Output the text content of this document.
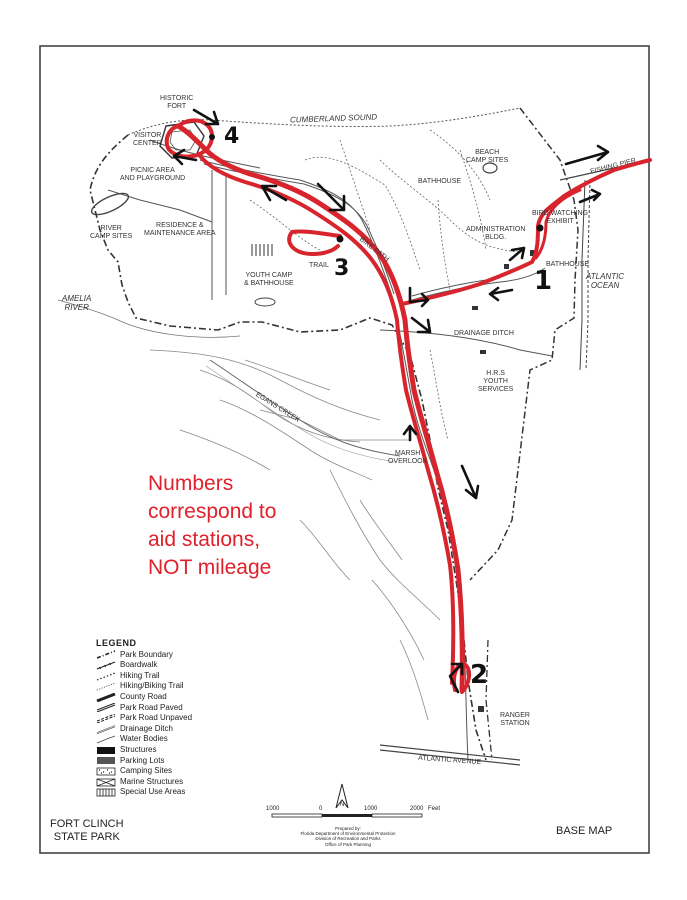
HISTORIC
FORT
VISITOR
CENTER
PICNIC AREA
AND PLAYGROUND
CUMBERLAND SOUND
BEACH
CAMP SITES
BATHHOUSE
FISHING PIER
BIRD WATCHING
EXHIBIT
ADMINISTRATION
BLDG.
BATHHOUSE
ATLANTIC
OCEAN
RIVER
CAMP SITES
RESIDENCE &
MAINTENANCE AREA
TRAIL
YOUTH CAMP
& BATHHOUSE
BIKE PATH
AMELIA
RIVER
DRAINAGE DITCH
H.R.S
YOUTH
SERVICES
EGANS CREEK
MARSH
OVERLOOK
RANGER
STATION
ATLANTIC AVENUE
1
2
3
4
Numbers
correspond to
aid stations,
NOT mileage
LEGEND
Park Boundary
Boardwalk
Hiking Trail
Hiking/Biking Trail
County Road
Park Road Paved
Park Road Unpaved
Drainage Ditch
Water Bodies
Structures
Parking Lots
Camping Sites
Marine Structures
Special Use Areas
1000	0	1000	2000 Feet
N
Prepared by:
Florida Department of Environmental Protection
Division of Recreation and Parks
Office of Park Planning
FORT CLINCH
STATE PARK	BASE MAP
